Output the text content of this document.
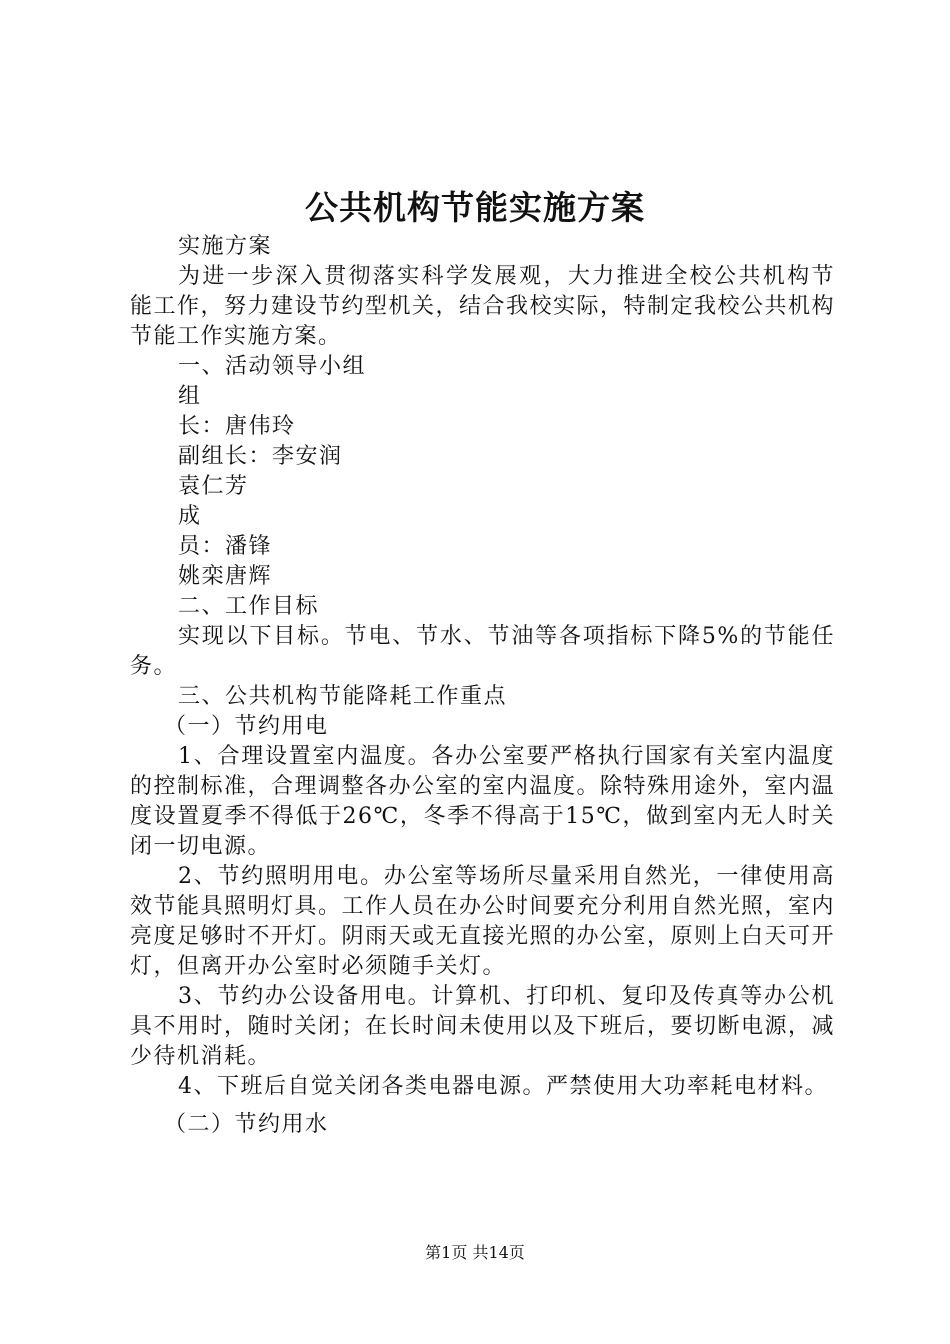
公共机构节能实施方案

实施方案

为进一步深入贯彻落实科学发展观，大力推进全校公共机构节能工作，努力建设节约型机关，结合我校实际，特制定我校公共机构节能工作实施方案。

一、活动领导小组

组

长：唐伟玲

副组长：李安润

袁仁芳

成

员：潘锋

姚栾唐辉

二、工作目标

实现以下目标。节电、节水、节油等各项指标下降5%的节能任务。

三、公共机构节能降耗工作重点

（一）节约用电

1、合理设置室内温度。各办公室要严格执行国家有关室内温度的控制标准，合理调整各办公室的室内温度。除特殊用途外，室内温度设置夏季不得低于26℃，冬季不得高于15℃，做到室内无人时关闭一切电源。

2、节约照明用电。办公室等场所尽量采用自然光，一律使用高效节能具照明灯具。工作人员在办公时间要充分利用自然光照，室内亮度足够时不开灯。阴雨天或无直接光照的办公室，原则上白天可开灯，但离开办公室时必须随手关灯。

3、节约办公设备用电。计算机、打印机、复印及传真等办公机具不用时，随时关闭；在长时间未使用以及下班后，要切断电源，减少待机消耗。

4、下班后自觉关闭各类电器电源。严禁使用大功率耗电材料。

（二）节约用水

第1页 共14页
